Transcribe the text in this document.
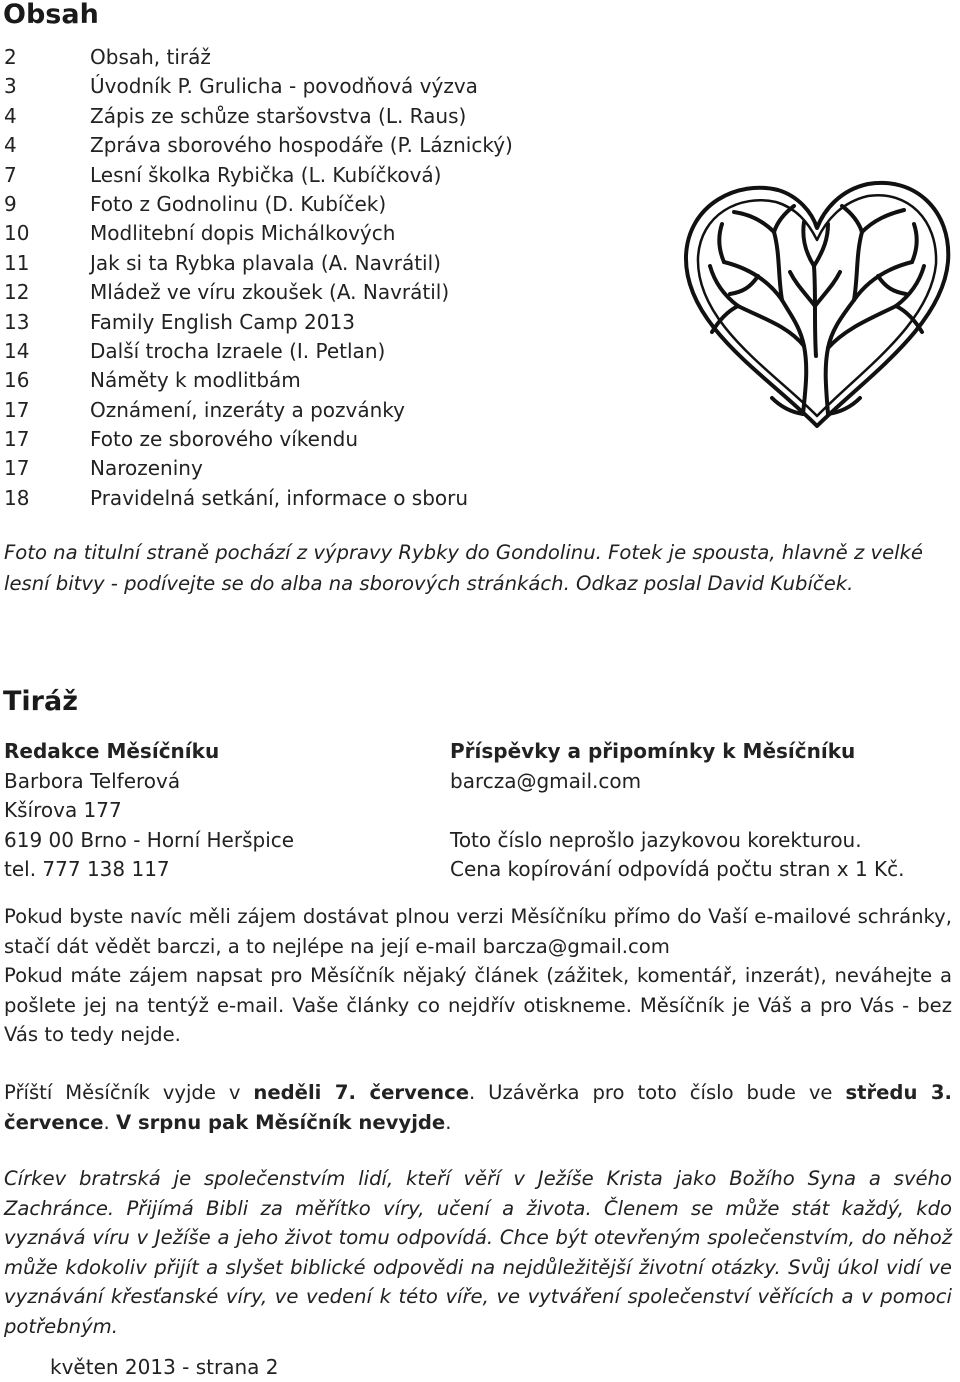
Obsah
2	Obsah, tiráž
3	Úvodník P. Grulicha - povodňová výzva
4	Zápis ze schůze staršovstva (L. Raus)
4	Zpráva sborového hospodáře (P. Láznický)
7	Lesní školka Rybička (L. Kubíčková)
9	Foto z Godnolinu (D. Kubíček)
10	Modlitební dopis Michálkových
11	Jak si ta Rybka plavala (A. Navrátil)
12	Mládež ve víru zkoušek (A. Navrátil)
13	Family English Camp 2013
14	Další trocha Izraele (I. Petlan)
16	Náměty k modlitbám
17	Oznámení, inzeráty a pozvánky
17	Foto ze sborového víkendu
17	Narozeniny
18	Pravidelná setkání, informace o sboru
Foto na titulní straně pochází z výpravy Rybky do Gondolinu. Fotek je spousta, hlavně z velké lesní bitvy - podívejte se do alba na sborových stránkách. Odkaz poslal David Kubíček.
Tiráž
Redakce Měsíčníku
Barbora Telferová
Kšírova 177
619 00 Brno - Horní Heršpice
tel. 777 138 117
Příspěvky a připomínky k Měsíčníku
barcza@gmail.com
Toto číslo neprošlo jazykovou korekturou.
Cena kopírování odpovídá počtu stran x 1 Kč.
Pokud byste navíc měli zájem dostávat plnou verzi Měsíčníku přímo do Vaší e-mailové schránky, stačí dát vědět barczi, a to nejlépe na její e-mail barcza@gmail.com
Pokud máte zájem napsat pro Měsíčník nějaký článek (zážitek, komentář, inzerát), neváhejte a pošlete jej na tentýž e-mail. Vaše články co nejdřív otiskneme. Měsíčník je Váš a pro Vás - bez Vás to tedy nejde.
Příští Měsíčník vyjde v neděli 7. července. Uzávěrka pro toto číslo bude ve středu 3. července. V srpnu pak Měsíčník nevyjde.
Církev bratrská je společenstvím lidí, kteří věří v Ježíše Krista jako Božího Syna a svého Zachránce. Přijímá Bibli za měřítko víry, učení a života. Členem se může stát každý, kdo vyznává víru v Ježíše a jeho život tomu odpovídá. Chce být otevřeným společenstvím, do něhož může kdokoliv přijít a slyšet biblické odpovědi na nejdůležitější životní otázky. Svůj úkol vidí ve vyznávání křesťanské víry, ve vedení k této víře, ve vytváření společenství věřících a v pomoci potřebným.
květen 2013 - strana 2
